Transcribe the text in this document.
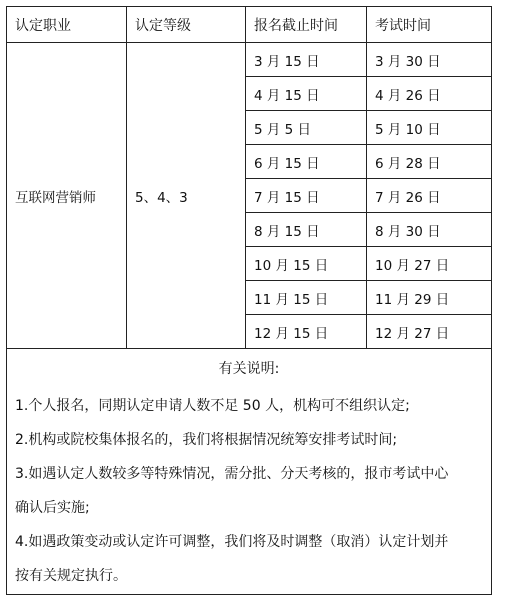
认定职业	认定等级	报名截止时间	考试时间
互联网营销师	5、4、3	3 月 15 日	3 月 30 日
		4 月 15 日	4 月 26 日
		5 月 5 日	5 月 10 日
		6 月 15 日	6 月 28 日
		7 月 15 日	7 月 26 日
		8 月 15 日	8 月 30 日
		10 月 15 日	10 月 27 日
		11 月 15 日	11 月 29 日
		12 月 15 日	12 月 27 日
有关说明:
1.个人报名，同期认定申请人数不足 50 人，机构可不组织认定;
2.机构或院校集体报名的，我们将根据情况统筹安排考试时间;
3.如遇认定人数较多等特殊情况，需分批、分天考核的，报市考试中心
确认后实施;
4.如遇政策变动或认定许可调整，我们将及时调整（取消）认定计划并
按有关规定执行。
